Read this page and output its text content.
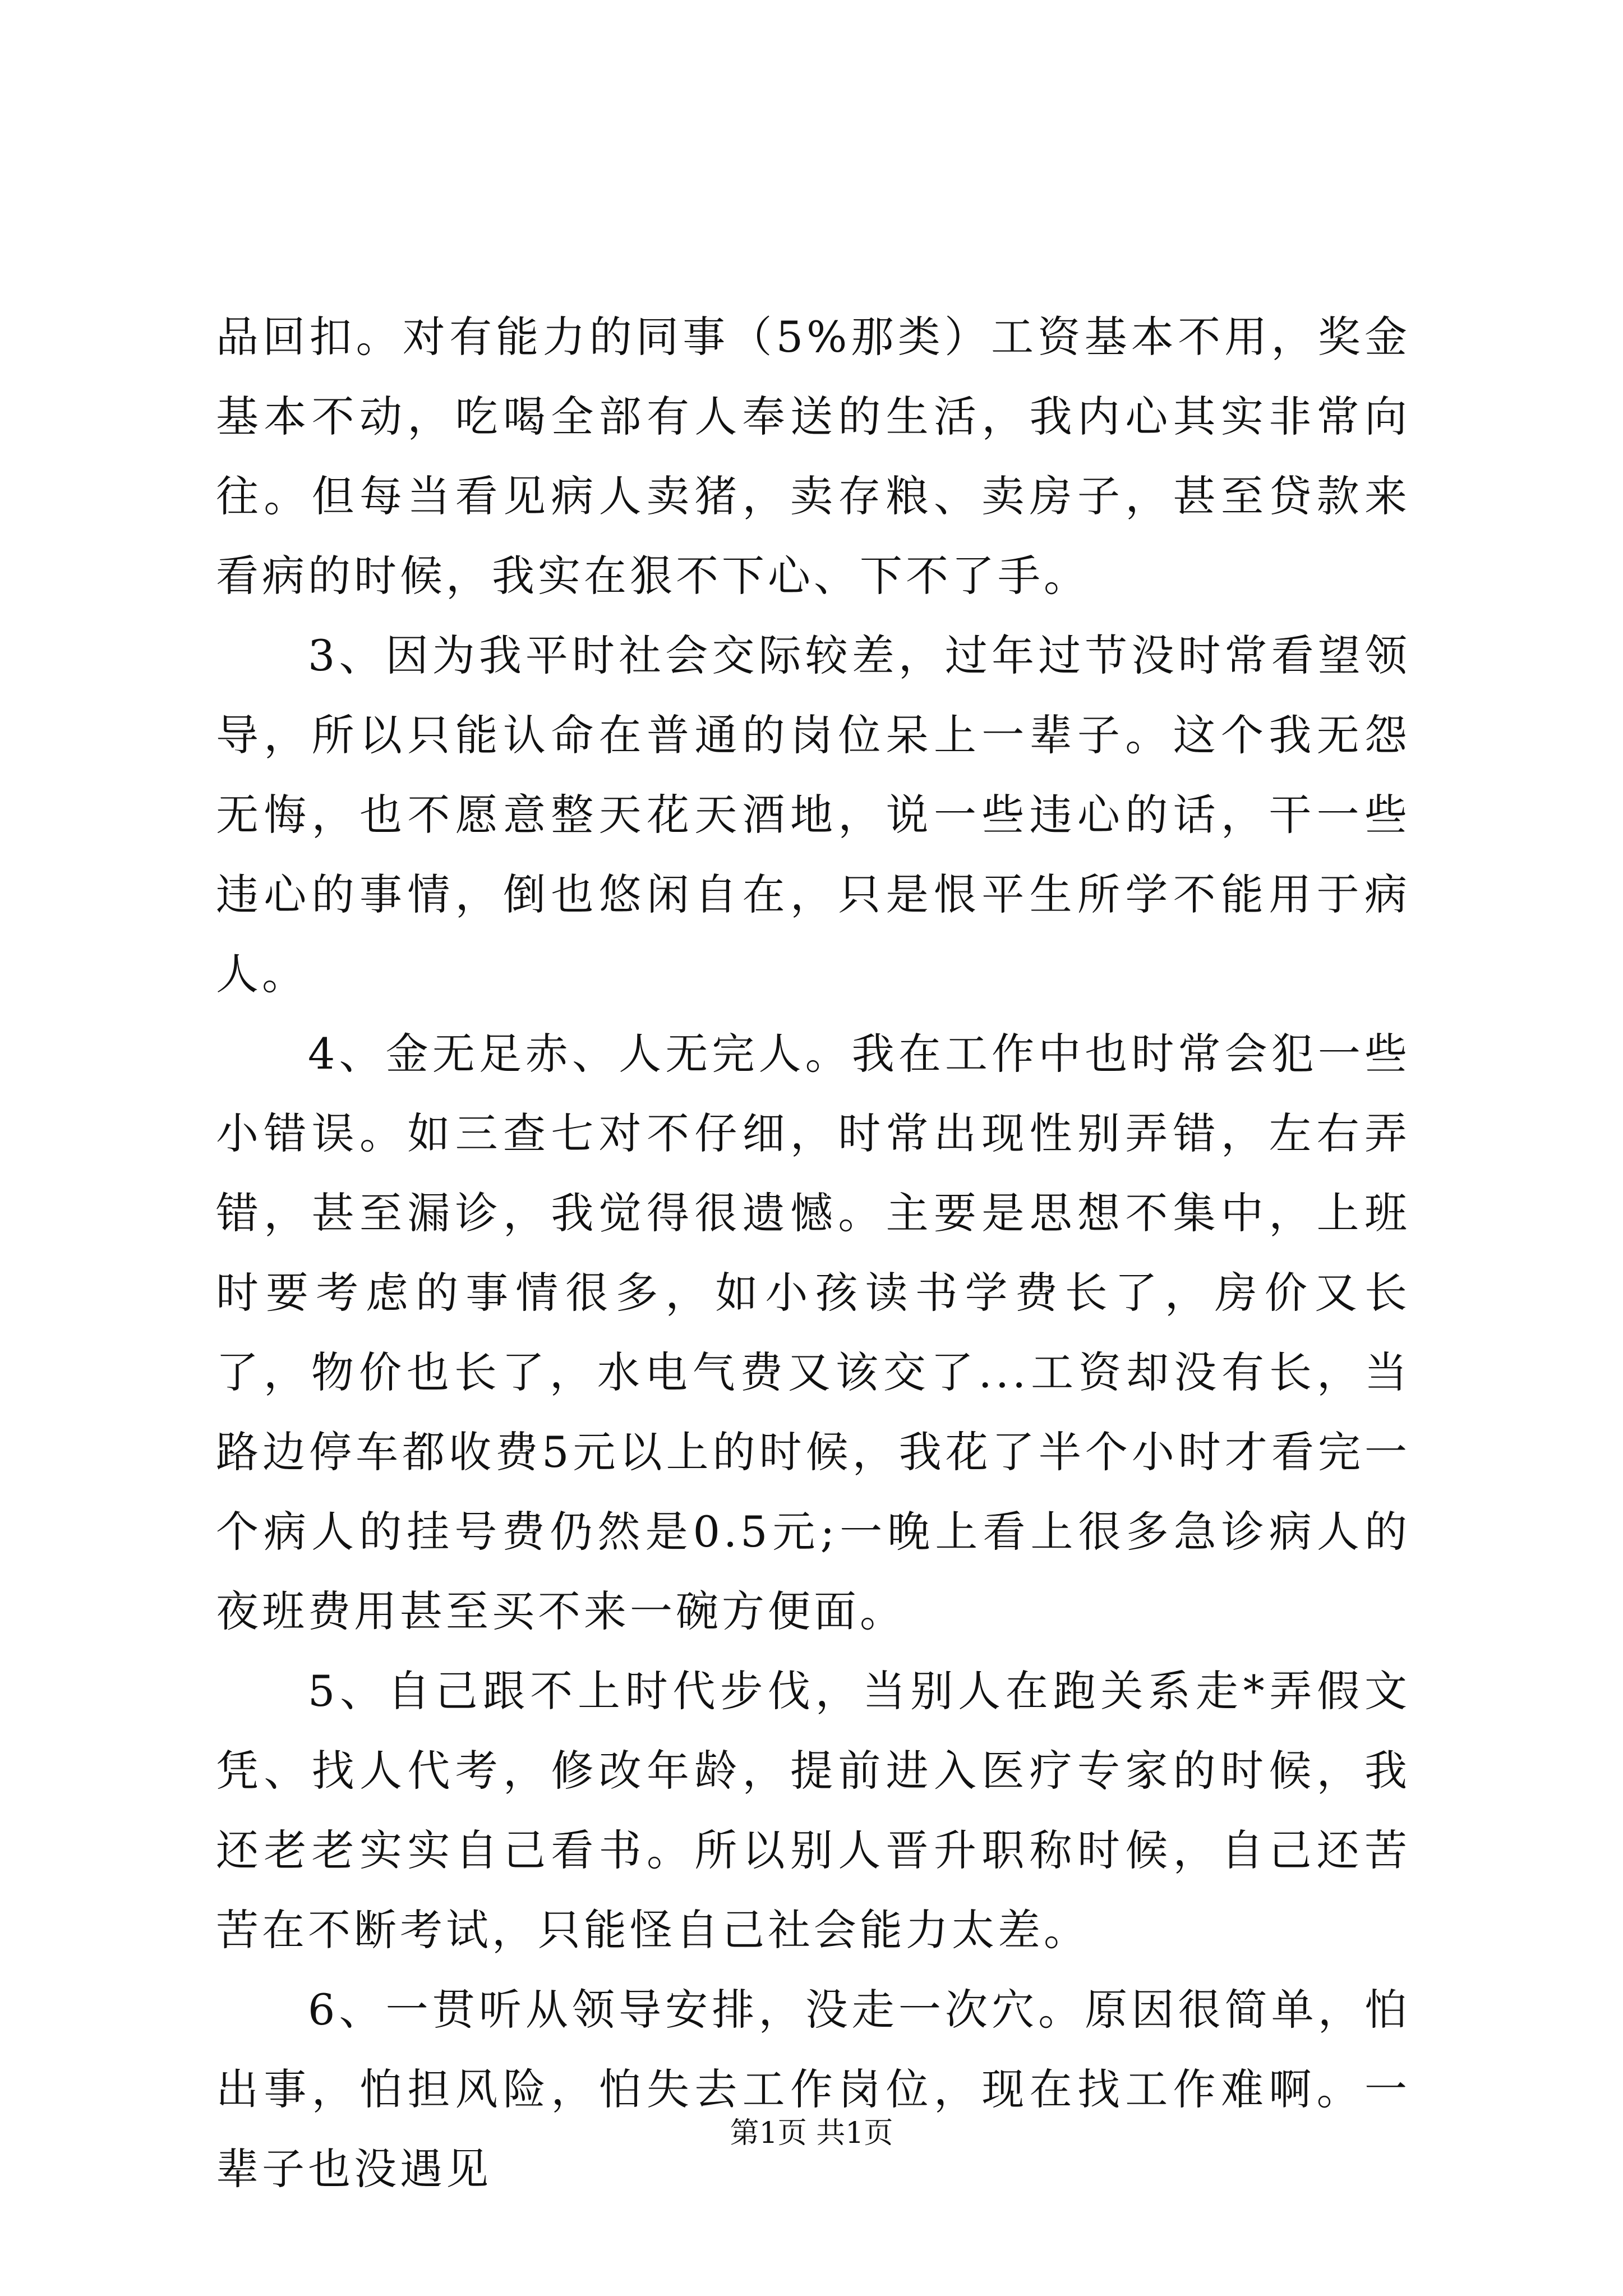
品回扣。对有能力的同事（5%那类）工资基本不用，奖金基本不动，吃喝全部有人奉送的生活，我内心其实非常向往。但每当看见病人卖猪，卖存粮、卖房子，甚至贷款来看病的时候，我实在狠不下心、下不了手。

3、因为我平时社会交际较差，过年过节没时常看望领导，所以只能认命在普通的岗位呆上一辈子。这个我无怨无悔，也不愿意整天花天酒地，说一些违心的话，干一些违心的事情，倒也悠闲自在，只是恨平生所学不能用于病人。

4、金无足赤、人无完人。我在工作中也时常会犯一些小错误。如三查七对不仔细，时常出现性别弄错，左右弄错，甚至漏诊，我觉得很遗憾。主要是思想不集中，上班时要考虑的事情很多，如小孩读书学费长了，房价又长了，物价也长了，水电气费又该交了...工资却没有长，当路边停车都收费5元以上的时候，我花了半个小时才看完一个病人的挂号费仍然是0.5元;一晚上看上很多急诊病人的夜班费用甚至买不来一碗方便面。

5、自己跟不上时代步伐，当别人在跑关系走*弄假文凭、找人代考，修改年龄，提前进入医疗专家的时候，我还老老实实自己看书。所以别人晋升职称时候，自己还苦苦在不断考试，只能怪自己社会能力太差。

6、一贯听从领导安排，没走一次穴。原因很简单，怕出事，怕担风险，怕失去工作岗位，现在找工作难啊。一辈子也没遇见

第1页 共1页
